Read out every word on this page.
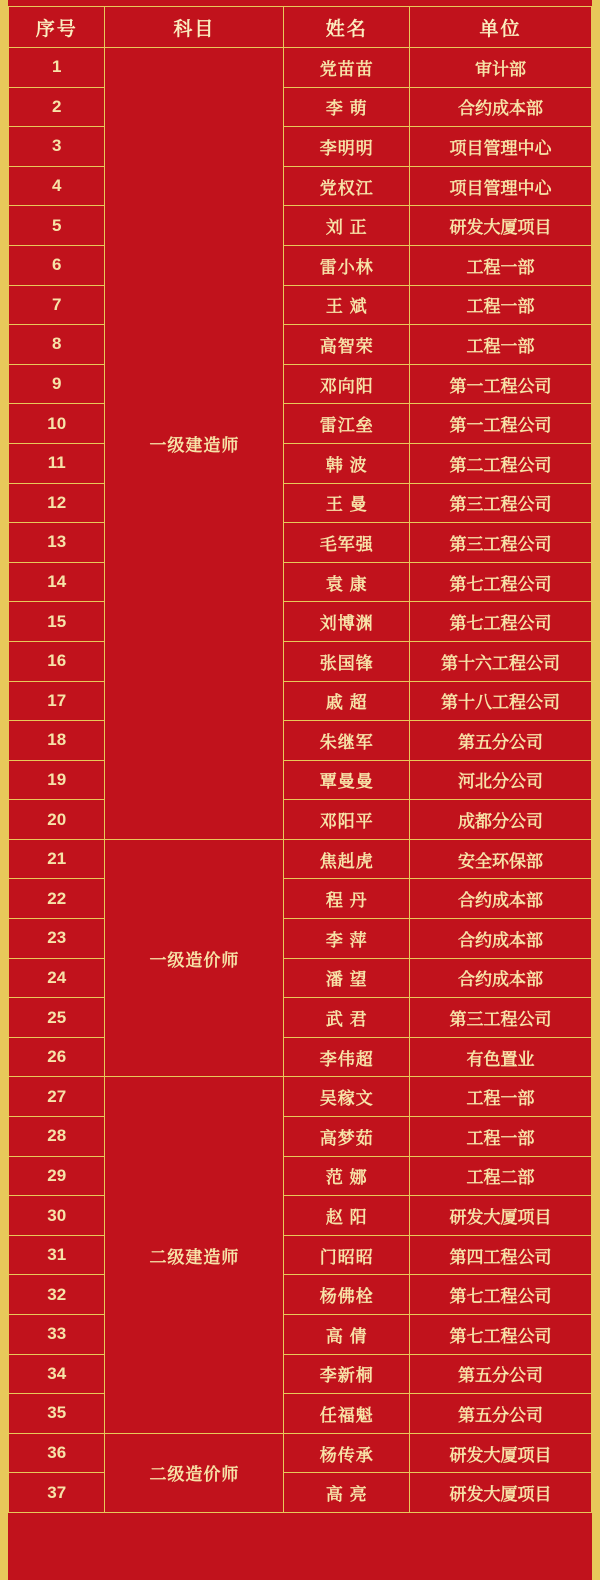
序号	科目	姓名	单位
1	一级建造师	党苗苗	审计部
2		李 萌	合约成本部
3		李明明	项目管理中心
4		党权江	项目管理中心
5		刘 正	研发大厦项目
6		雷小林	工程一部
7		王 斌	工程一部
8		高智荣	工程一部
9		邓向阳	第一工程公司
10		雷江垒	第一工程公司
11		韩 波	第二工程公司
12		王 曼	第三工程公司
13		毛军强	第三工程公司
14		袁 康	第七工程公司
15		刘博渊	第七工程公司
16		张国锋	第十六工程公司
17		戚 超	第十八工程公司
18		朱继军	第五分公司
19		覃曼曼	河北分公司
20		邓阳平	成都分公司
21	一级造价师	焦赳虎	安全环保部
22		程 丹	合约成本部
23		李 萍	合约成本部
24		潘 望	合约成本部
25		武 君	第三工程公司
26		李伟超	有色置业
27	二级建造师	吴稼文	工程一部
28		高梦茹	工程一部
29		范 娜	工程二部
30		赵 阳	研发大厦项目
31		门昭昭	第四工程公司
32		杨佛栓	第七工程公司
33		高 倩	第七工程公司
34		李新桐	第五分公司
35		任福魁	第五分公司
36	二级造价师	杨传承	研发大厦项目
37		高 亮	研发大厦项目
